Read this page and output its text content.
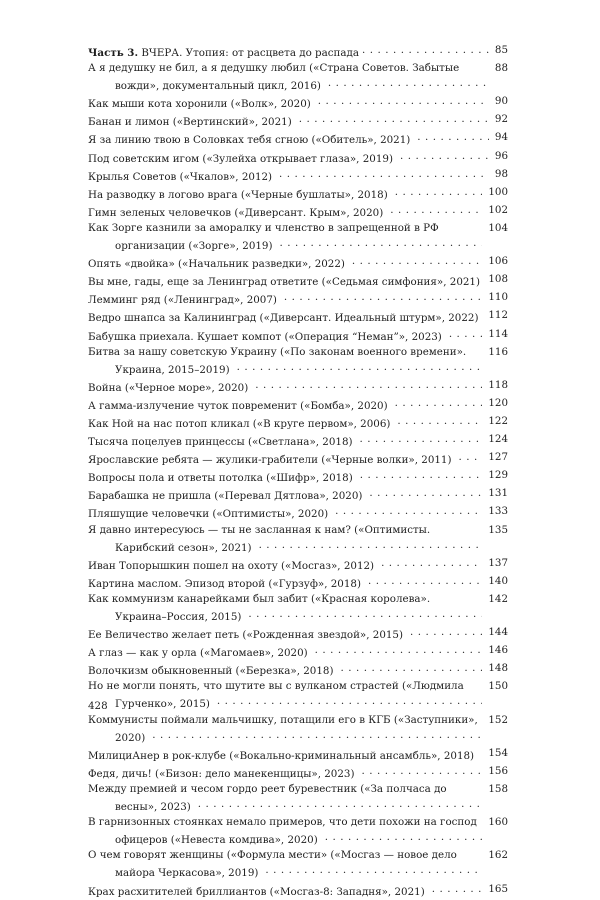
85
Часть 3. ВЧЕРА. Утопия: от расцвета до распада. . .
88
А я дедушку не бил, а я дедушку любил («Страна Советов. Забытые вожди», документальный цикл, 2016). . .
90
Как мыши кота хоронили («Волк», 2020). . .
92
Банан и лимон («Вертинский», 2021). . .
94
Я за линию твою в Соловках тебя сгною («Обитель», 2021). . .
96
Под советским игом («Зулейха открывает глаза», 2019). . .
98
Крылья Советов («Чкалов», 2012). . .
100
На разводку в логово врага («Черные бушлаты», 2018). . .
102
Гимн зеленых человечков («Диверсант. Крым», 2020). . .
104
Как Зорге казнили за аморалку и членство в запрещенной в РФ организации («Зорге», 2019). . .
106
Опять «двойка» («Начальник разведки», 2022). . .
108
Вы мне, гады, еще за Ленинград ответите («Седьмая симфония», 2021)
110
Лемминг ряд («Ленинград», 2007). . .
112
Ведро шнапса за Калининград («Диверсант. Идеальный штурм», 2022). . .
114
Бабушка приехала. Кушает компот («Операция “Неман”», 2023). . .
116
Битва за нашу советскую Украину («По законам военного времени». Украина, 2015–2019). . .
118
Война («Черное море», 2020). . .
120
А гамма-излучение чуток повременит («Бомба», 2020). . .
122
Как Ной на нас потоп кликал («В круге первом», 2006). . .
124
Тысяча поцелуев принцессы («Светлана», 2018). . .
127
Ярославские ребята — жулики-грабители («Черные волки», 2011). . .
129
Вопросы пола и ответы потолка («Шифр», 2018). . .
131
Барабашка не пришла («Перевал Дятлова», 2020). . .
133
Пляшущие человечки («Оптимисты», 2020). . .
135
Я давно интересуюсь — ты не засланная к нам? («Оптимисты. Карибский сезон», 2021). . .
137
Иван Топорышкин пошел на охоту («Мосгаз», 2012). . .
140
Картина маслом. Эпизод второй («Гурзуф», 2018). . .
142
Как коммунизм канарейками был забит («Красная королева». Украина–Россия, 2015). . .
144
Ее Величество желает петь («Рожденная звездой», 2015). . .
146
А глаз — как у орла («Магомаев», 2020). . .
148
Волочкизм обыкновенный («Березка», 2018). . .
150
Но не могли понять, что шутите вы с вулканом страстей («Людмила Гурченко», 2015). . .
152
Коммунисты поймали мальчишку, потащили его в КГБ («Заступники», 2020). . .
154
МилициАнер в рок-клубе («Вокально-криминальный ансамбль», 2018). . .
156
Федя, дичь! («Бизон: дело манекенщицы», 2023). . .
158
Между премией и чесом гордо реет буревестник («За полчаса до весны», 2023). . .
160
В гарнизонных стоянках немало примеров, что дети похожи на господ офицеров («Невеста комдива», 2020). . .
162
О чем говорят женщины («Формула мести» («Мосгаз — новое дело майора Черкасова», 2019). . .
165
Крах расхитителей бриллиантов («Мосгаз-8: Западня», 2021). . .
428
